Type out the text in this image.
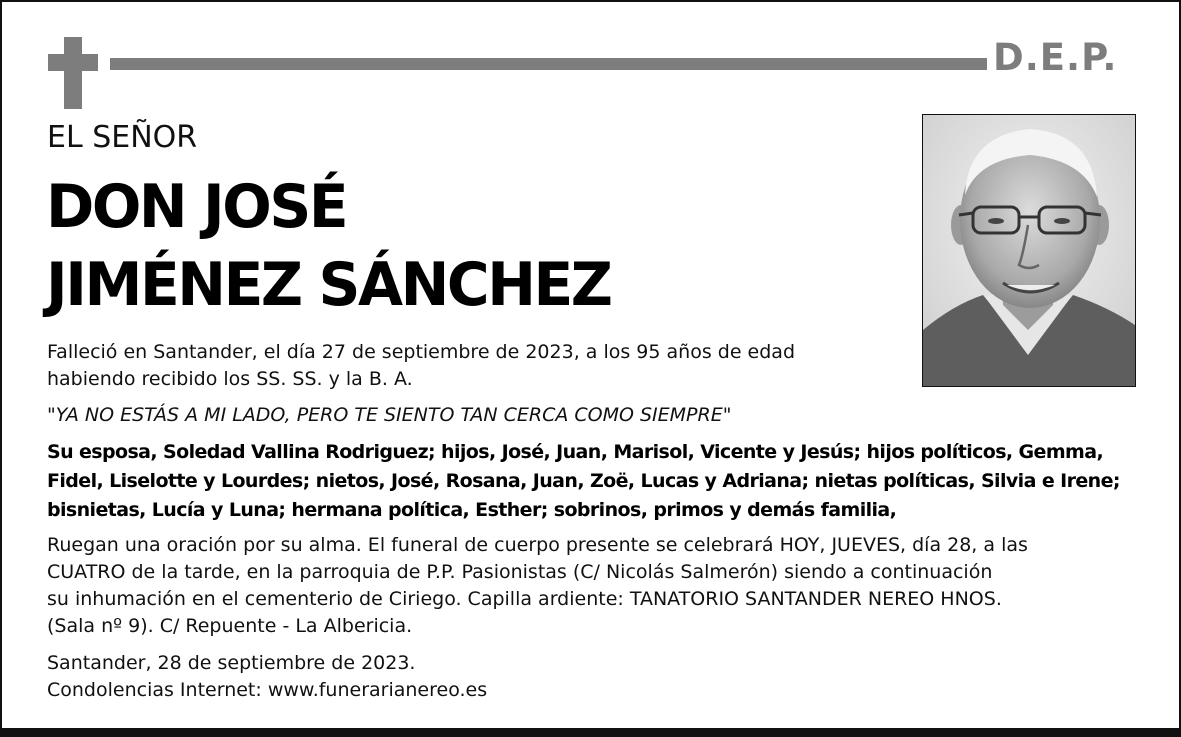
D.E.P.
EL SEÑOR
DON JOSÉ
JIMÉNEZ SÁNCHEZ
Falleció en Santander, el día 27 de septiembre de 2023, a los 95 años de edad
habiendo recibido los SS. SS. y la B. A.
"YA NO ESTÁS A MI LADO, PERO TE SIENTO TAN CERCA COMO SIEMPRE"
Su esposa, Soledad Vallina Rodriguez; hijos, José, Juan, Marisol, Vicente y Jesús; hijos políticos, Gemma,
Fidel, Liselotte y Lourdes; nietos, José, Rosana, Juan, Zoë, Lucas y Adriana; nietas políticas, Silvia e Irene;
bisnietas, Lucía y Luna; hermana política, Esther; sobrinos, primos y demás familia,
Ruegan una oración por su alma. El funeral de cuerpo presente se celebrará HOY, JUEVES, día 28, a las
CUATRO de la tarde, en la parroquia de P.P. Pasionistas (C/ Nicolás Salmerón) siendo a continuación
su inhumación en el cementerio de Ciriego. Capilla ardiente: TANATORIO SANTANDER NEREO HNOS.
(Sala nº 9). C/ Repuente - La Albericia.
Santander, 28 de septiembre de 2023.
Condolencias Internet: www.funerarianereo.es
